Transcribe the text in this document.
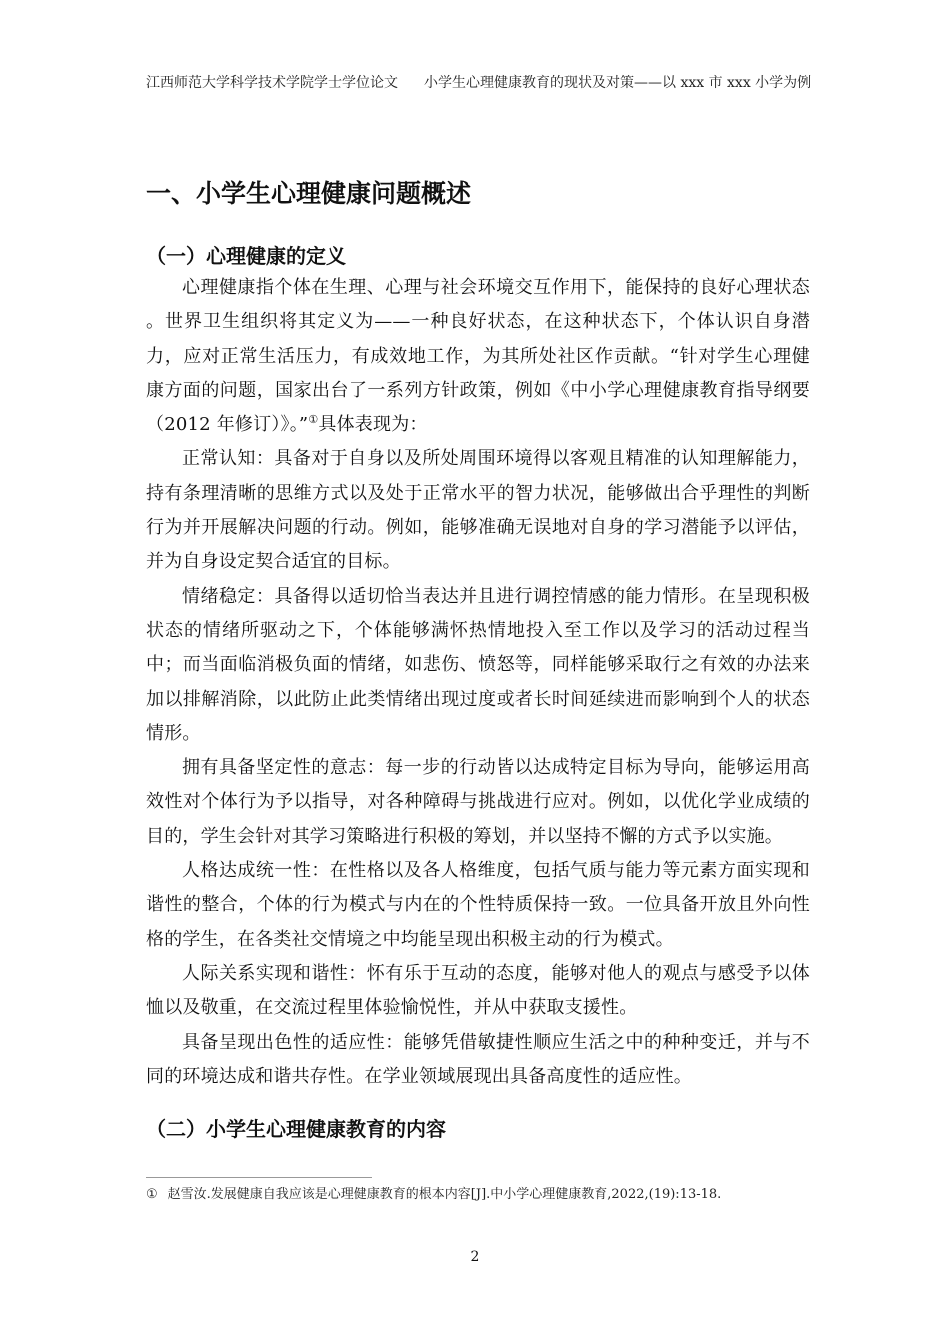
江西师范大学科学技术学院学士学位论文 小学生心理健康教育的现状及对策——以 xxx 市 xxx 小学为例
一、小学生心理健康问题概述
（一）心理健康的定义

心理健康指个体在生理、心理与社会环境交互作用下，能保持的良好心理状态 。世界卫生组织将其定义为——一种良好状态，在这种状态下，个体认识自身潜力，应对正常生活压力，有成效地工作，为其所处社区作贡献。“针对学生心理健康方面的问题，国家出台了一系列方针政策，例如《中小学心理健康教育指导纲要（2012 年修订）》。”①具体表现为：

正常认知：具备对于自身以及所处周围环境得以客观且精准的认知理解能力，持有条理清晰的思维方式以及处于正常水平的智力状况，能够做出合乎理性的判断行为并开展解决问题的行动。例如，能够准确无误地对自身的学习潜能予以评估，并为自身设定契合适宜的目标。

情绪稳定：具备得以适切恰当表达并且进行调控情感的能力情形。在呈现积极状态的情绪所驱动之下，个体能够满怀热情地投入至工作以及学习的活动过程当中；而当面临消极负面的情绪，如悲伤、愤怒等，同样能够采取行之有效的办法来加以排解消除，以此防止此类情绪出现过度或者长时间延续进而影响到个人的状态情形。

拥有具备坚定性的意志：每一步的行动皆以达成特定目标为导向，能够运用高效性对个体行为予以指导，对各种障碍与挑战进行应对。例如，以优化学业成绩的目的，学生会针对其学习策略进行积极的筹划，并以坚持不懈的方式予以实施。

人格达成统一性：在性格以及各人格维度，包括气质与能力等元素方面实现和谐性的整合，个体的行为模式与内在的个性特质保持一致。一位具备开放且外向性格的学生，在各类社交情境之中均能呈现出积极主动的行为模式。

人际关系实现和谐性：怀有乐于互动的态度，能够对他人的观点与感受予以体恤以及敬重，在交流过程里体验愉悦性，并从中获取支援性。

具备呈现出色性的适应性：能够凭借敏捷性顺应生活之中的种种变迁，并与不同的环境达成和谐共存性。在学业领域展现出具备高度性的适应性。

（二）小学生心理健康教育的内容
① 赵雪汝.发展健康自我应该是心理健康教育的根本内容[J].中小学心理健康教育,2022,(19):13-18.
2
